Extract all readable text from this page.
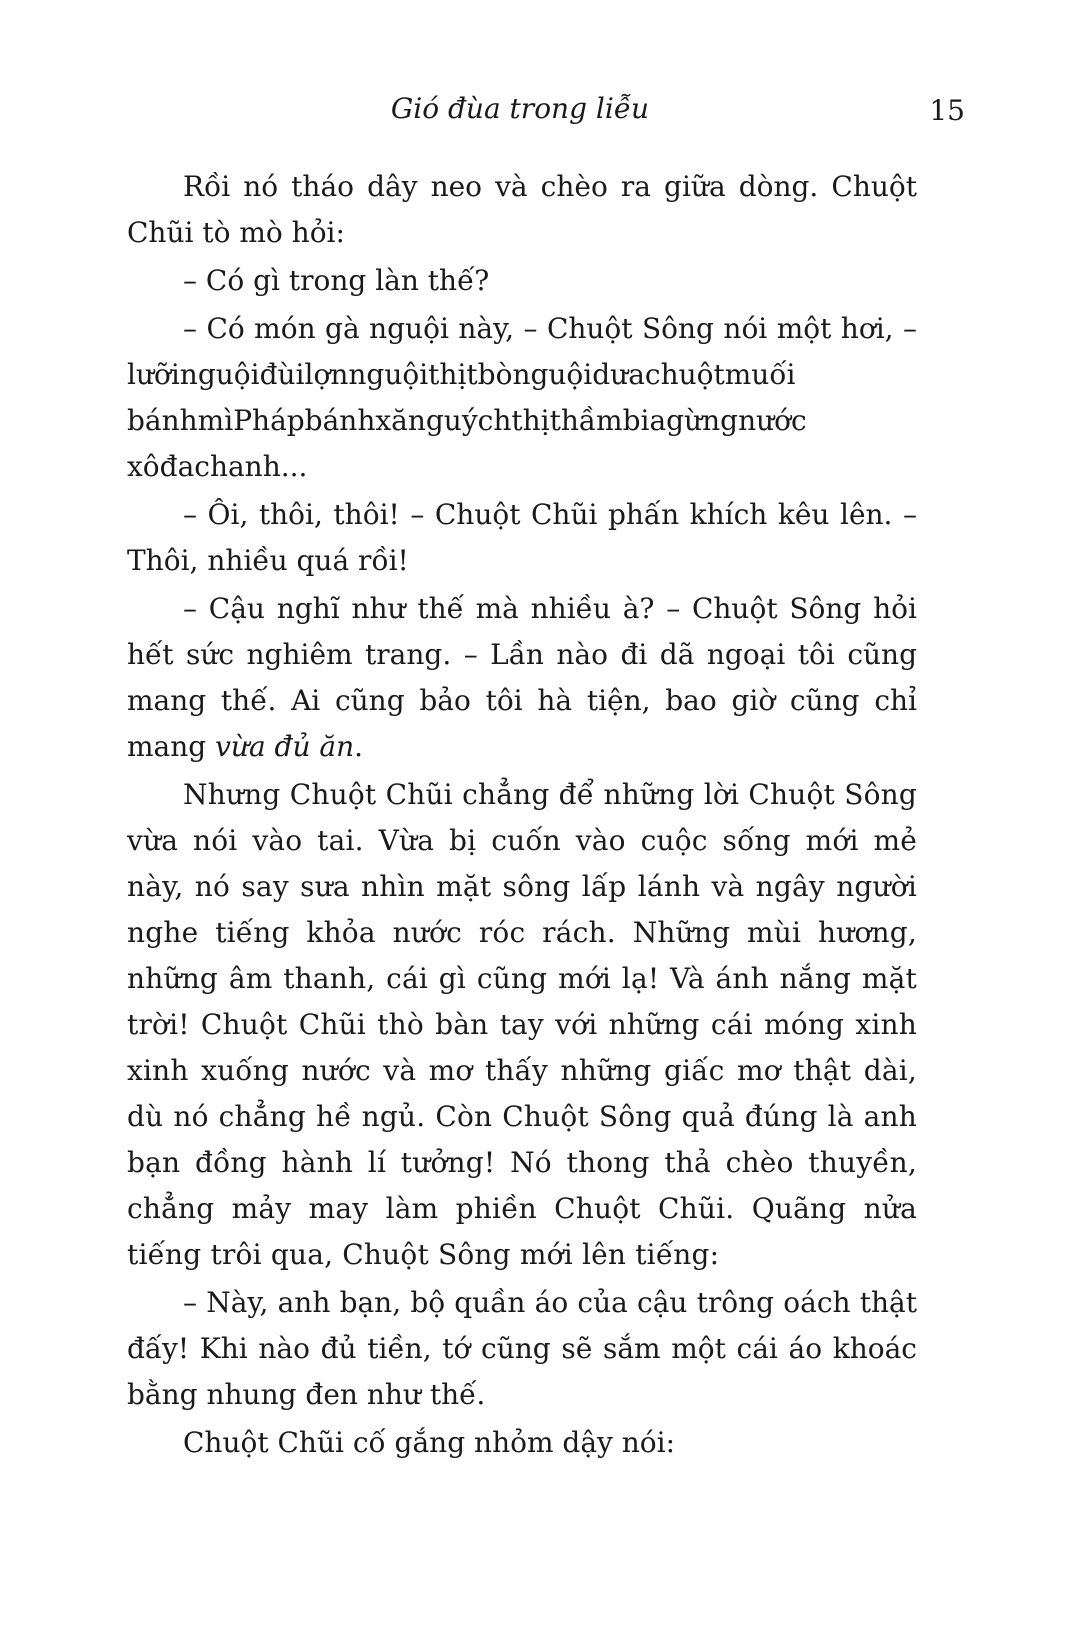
Gió đùa trong liễu	15

Rồi nó tháo dây neo và chèo ra giữa dòng. Chuột Chũi tò mò hỏi:

– Có gì trong làn thế?

– Có món gà nguội này, – Chuột Sông nói một hơi, – lưỡinguộiđùilợnnguộithịtbònguộidưachuộtmuối bánhmìPhápbánhxănguýchthịthầmbiagừngnước xôđachanh...

– Ôi, thôi, thôi! – Chuột Chũi phấn khích kêu lên. – Thôi, nhiều quá rồi!

– Cậu nghĩ như thế mà nhiều à? – Chuột Sông hỏi hết sức nghiêm trang. – Lần nào đi dã ngoại tôi cũng mang thế. Ai cũng bảo tôi hà tiện, bao giờ cũng chỉ mang vừa đủ ăn.

Nhưng Chuột Chũi chẳng để những lời Chuột Sông vừa nói vào tai. Vừa bị cuốn vào cuộc sống mới mẻ này, nó say sưa nhìn mặt sông lấp lánh và ngây người nghe tiếng khỏa nước róc rách. Những mùi hương, những âm thanh, cái gì cũng mới lạ! Và ánh nắng mặt trời! Chuột Chũi thò bàn tay với những cái móng xinh xinh xuống nước và mơ thấy những giấc mơ thật dài, dù nó chẳng hề ngủ. Còn Chuột Sông quả đúng là anh bạn đồng hành lí tưởng! Nó thong thả chèo thuyền, chẳng mảy may làm phiền Chuột Chũi. Quãng nửa tiếng trôi qua, Chuột Sông mới lên tiếng:

– Này, anh bạn, bộ quần áo của cậu trông oách thật đấy! Khi nào đủ tiền, tớ cũng sẽ sắm một cái áo khoác bằng nhung đen như thế.

Chuột Chũi cố gắng nhỏm dậy nói:
